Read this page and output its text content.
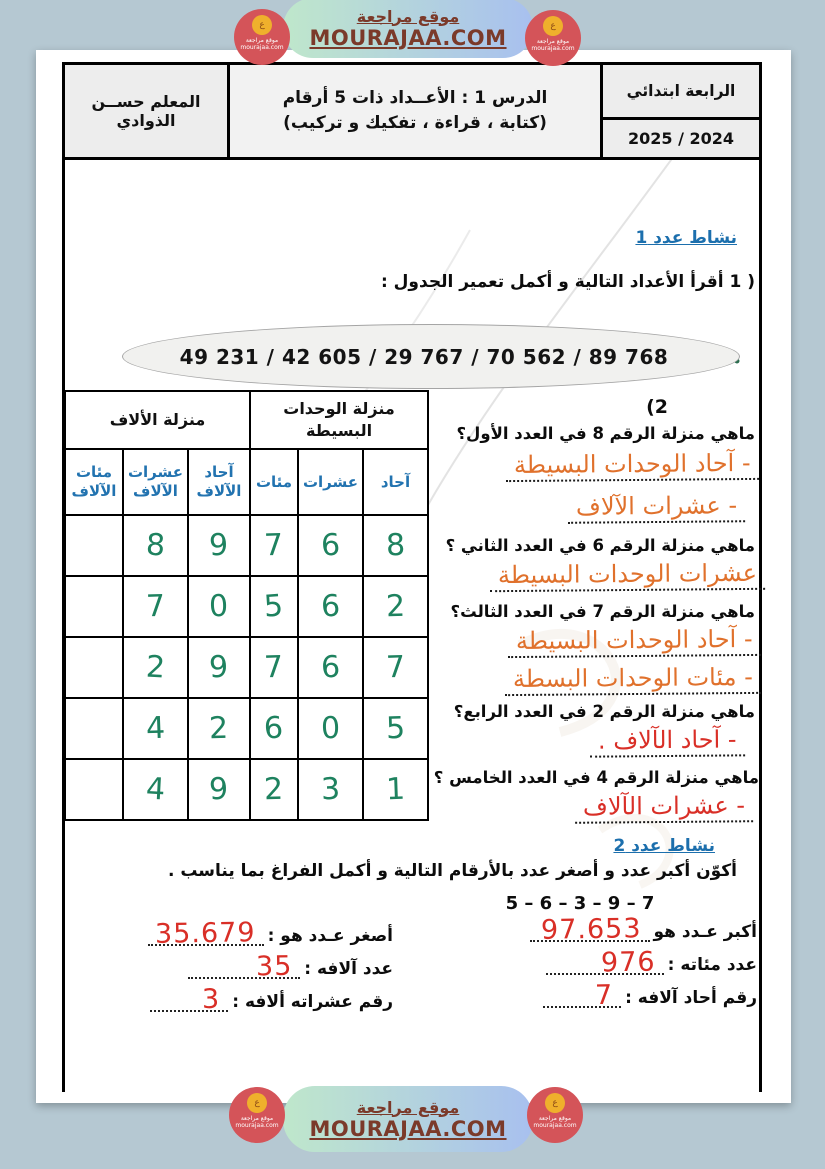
موقع مراجعة
MOURAJAA.COM
ع
موقع مراجعة
mourajaa.com
ع
موقع مراجعة
mourajaa.com
المعلم حســن الذوادي
الدرس 1 : الأعــداد ذات 5 أرقام
(كتابة ، قراءة ، تفكيك و تركيب)
الرابعة ابتدائي
2025 / 2024
نشاط عدد 1
1 ) أقرأ الأعداد التالية و أكمل تعمير الجدول :
49 231 / 42 605 / 29 767 / 70 562 / 89 768
منزلة الألاف			منزلة الوحدات البسيطة		
مئات الآلاف	عشرات الآلاف	آحاد الآلاف	مئات	عشرات	آحاد
	8	9	7	6	8
	7	0	5	6	2
	2	9	7	6	7
	4	2	6	0	5
	4	9	2	3	1
(2
ماهي منزلة الرقم 8 في العدد الأول؟
- آحاد الوحدات البسيطة
- عشرات الآلاف
ماهي منزلة الرقم 6 في العدد الثاني ؟
عشرات الوحدات البسيطة
ماهي منزلة الرقم 7 في العدد الثالث؟
- آحاد الوحدات البسيطة
- مئات الوحدات البسطة
ماهي منزلة الرقم 2 في العدد الرابع؟
- آحاد الآلاف .
ماهي منزلة الرقم 4 في العدد الخامس ؟
- عشرات الآلاف
نشاط عدد 2
أكوّن أكبر عدد و أصغر عدد بالأرقام التالية و أكمل الفراغ بما يناسب .
5 – 6 – 3 – 9 – 7
أكبر عـدد هو
97.653
عدد مئاته :
976
رقم أحاد آلافه :
7
أصغر عـدد هو :
35.679
عدد آلافه :
35
رقم عشراته ألافه :
3
موقع مراجعة
MOURAJAA.COM
ع
موقع مراجعة
mourajaa.com
ع
موقع مراجعة
mourajaa.com
